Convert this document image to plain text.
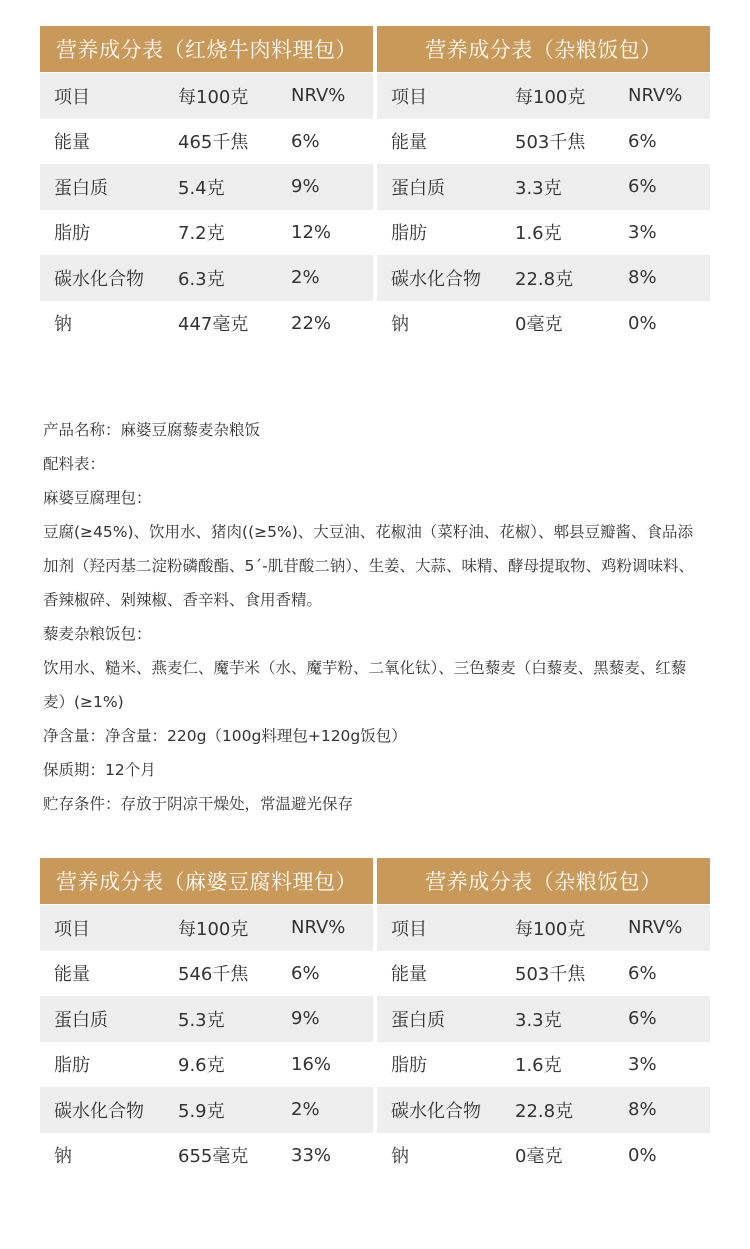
营养成分表（红烧牛肉料理包）
项目	每100克	NRV%
能量	465千焦	6%
蛋白质	5.4克	9%
脂肪	7.2克	12%
碳水化合物	6.3克	2%
钠	447毫克	22%
营养成分表（杂粮饭包）
项目	每100克	NRV%
能量	503千焦	6%
蛋白质	3.3克	6%
脂肪	1.6克	3%
碳水化合物	22.8克	8%
钠	0毫克	0%
产品名称：麻婆豆腐藜麦杂粮饭
配料表：
麻婆豆腐理包：
豆腐(≥45%)、饮用水、猪肉((≥5%)、大豆油、花椒油（菜籽油、花椒）、郫县豆瓣酱、食品添加剂（羟丙基二淀粉磷酸酯、5´-肌苷酸二钠）、生姜、大蒜、味精、酵母提取物、鸡粉调味料、香辣椒碎、剁辣椒、香辛料、食用香精。
藜麦杂粮饭包：
饮用水、糙米、燕麦仁、魔芋米（水、魔芋粉、二氧化钛）、三色藜麦（白藜麦、黑藜麦、红藜麦）(≥1%)
净含量：净含量：220g（100g料理包+120g饭包）
保质期：12个月
贮存条件：存放于阴凉干燥处，常温避光保存
营养成分表（麻婆豆腐料理包）
项目	每100克	NRV%
能量	546千焦	6%
蛋白质	5.3克	9%
脂肪	9.6克	16%
碳水化合物	5.9克	2%
钠	655毫克	33%
营养成分表（杂粮饭包）
项目	每100克	NRV%
能量	503千焦	6%
蛋白质	3.3克	6%
脂肪	1.6克	3%
碳水化合物	22.8克	8%
钠	0毫克	0%
